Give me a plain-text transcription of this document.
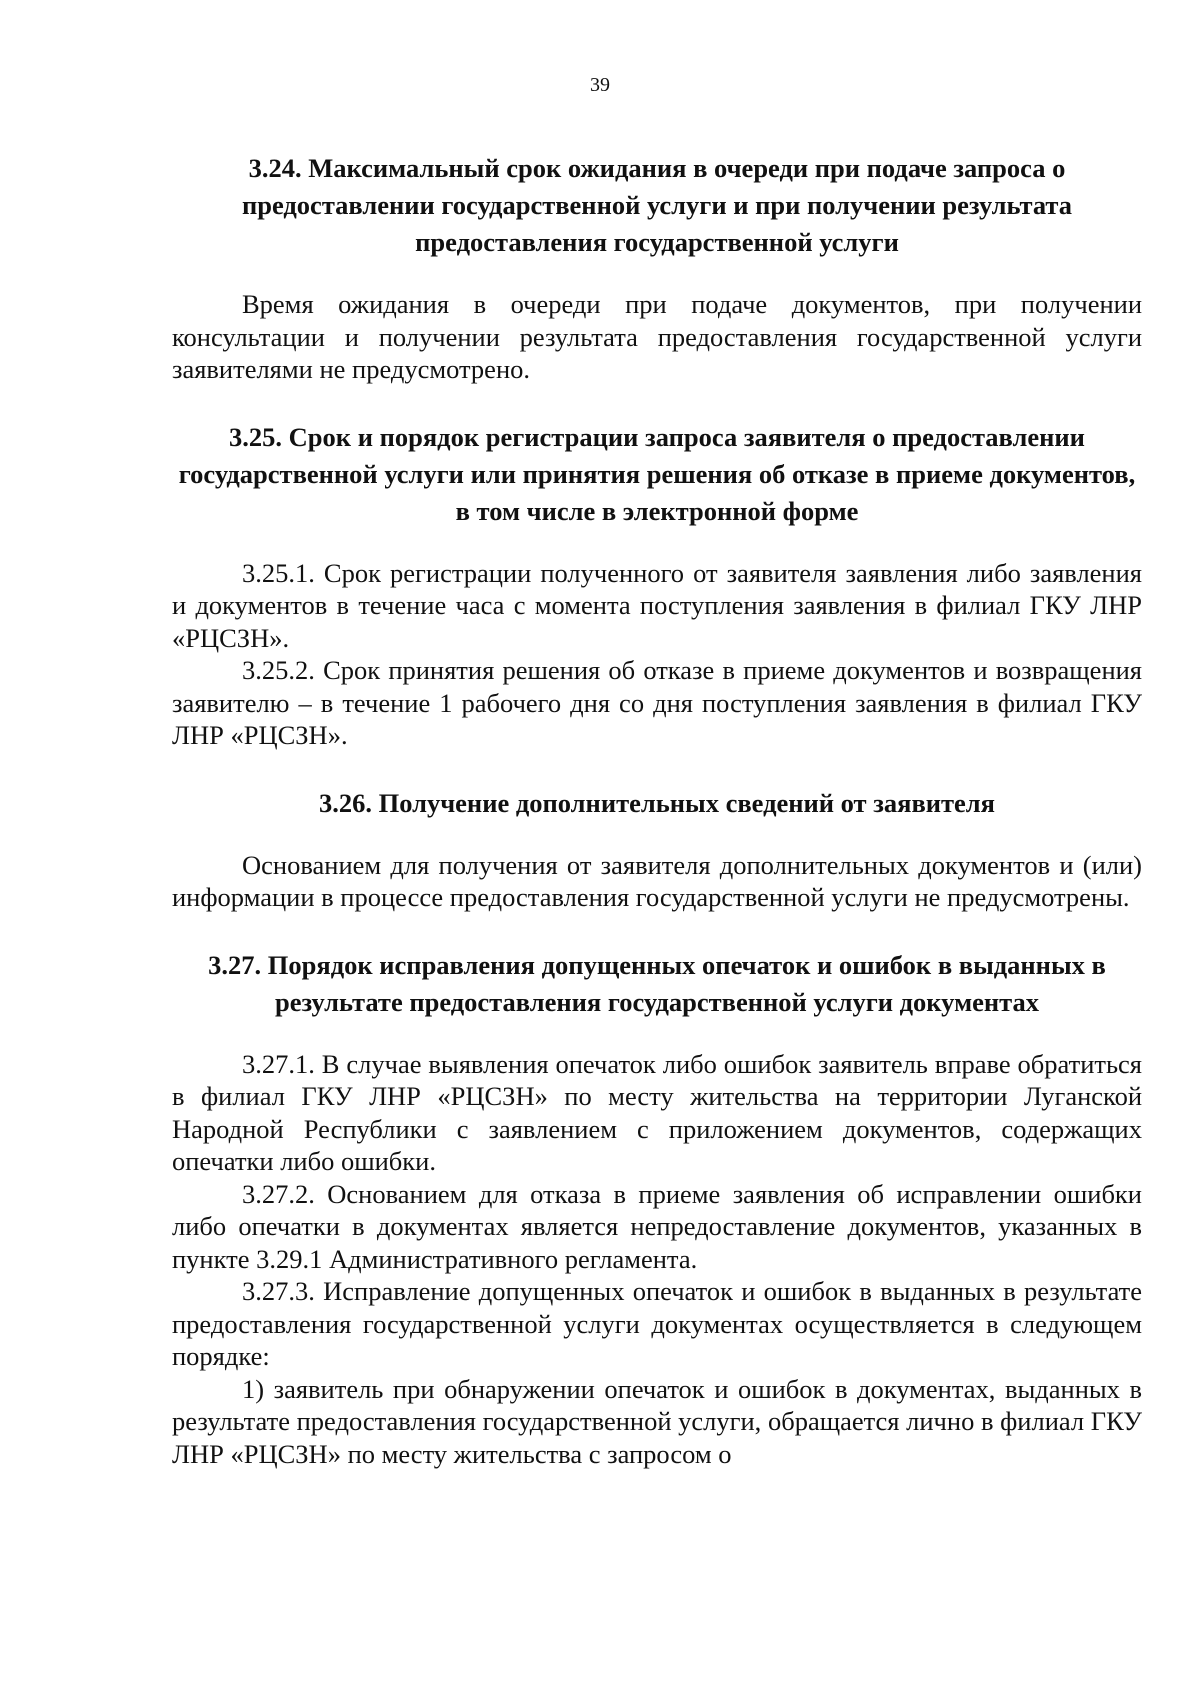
39
3.24. Максимальный срок ожидания в очереди при подаче запроса о предоставлении государственной услуги и при получении результата предоставления государственной услуги

Время ожидания в очереди при подаче документов, при получении консультации и получении результата предоставления государственной услуги заявителями не предусмотрено.

3.25. Срок и порядок регистрации запроса заявителя о предоставлении государственной услуги или принятия решения об отказе в приеме документов, в том числе в электронной форме

3.25.1. Срок регистрации полученного от заявителя заявления либо заявления и документов в течение часа с момента поступления заявления в филиал ГКУ ЛНР «РЦСЗН».

3.25.2. Срок принятия решения об отказе в приеме документов и возвращения заявителю – в течение 1 рабочего дня со дня поступления заявления в филиал ГКУ ЛНР «РЦСЗН».

3.26. Получение дополнительных сведений от заявителя

Основанием для получения от заявителя дополнительных документов и (или) информации в процессе предоставления государственной услуги не предусмотрены.

3.27. Порядок исправления допущенных опечаток и ошибок в выданных в результате предоставления государственной услуги документах

3.27.1. В случае выявления опечаток либо ошибок заявитель вправе обратиться в филиал ГКУ ЛНР «РЦСЗН» по месту жительства на территории Луганской Народной Республики с заявлением с приложением документов, содержащих опечатки либо ошибки.

3.27.2. Основанием для отказа в приеме заявления об исправлении ошибки либо опечатки в документах является непредоставление документов, указанных в пункте 3.29.1 Административного регламента.

3.27.3. Исправление допущенных опечаток и ошибок в выданных в результате предоставления государственной услуги документах осуществляется в следующем порядке:

1) заявитель при обнаружении опечаток и ошибок в документах, выданных в результате предоставления государственной услуги, обращается лично в филиал ГКУ ЛНР «РЦСЗН» по месту жительства с запросом о
